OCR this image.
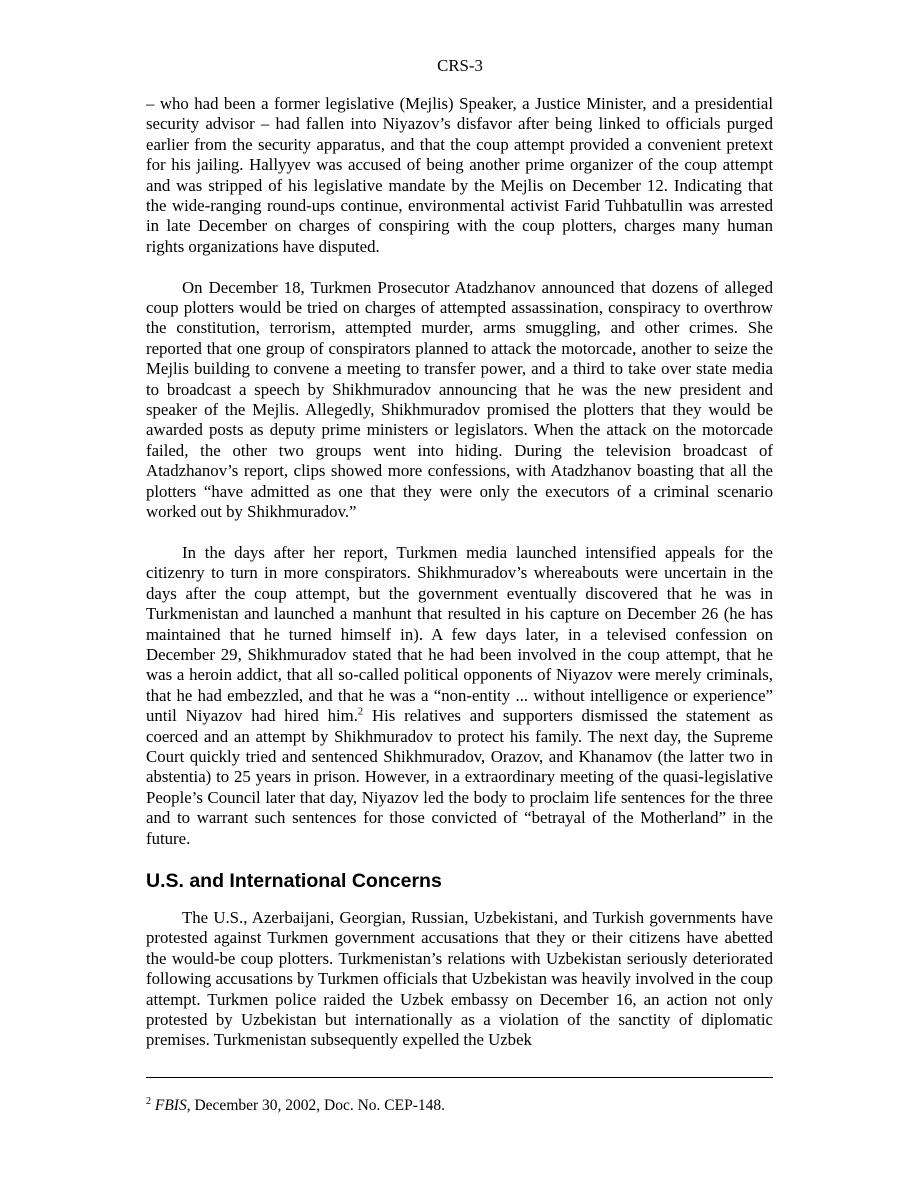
CRS-3

– who had been a former legislative (Mejlis) Speaker, a Justice Minister, and a presidential security advisor – had fallen into Niyazov’s disfavor after being linked to officials purged earlier from the security apparatus, and that the coup attempt provided a convenient pretext for his jailing. Hallyyev was accused of being another prime organizer of the coup attempt and was stripped of his legislative mandate by the Mejlis on December 12. Indicating that the wide-ranging round-ups continue, environmental activist Farid Tuhbatullin was arrested in late December on charges of conspiring with the coup plotters, charges many human rights organizations have disputed.

On December 18, Turkmen Prosecutor Atadzhanov announced that dozens of alleged coup plotters would be tried on charges of attempted assassination, conspiracy to overthrow the constitution, terrorism, attempted murder, arms smuggling, and other crimes. She reported that one group of conspirators planned to attack the motorcade, another to seize the Mejlis building to convene a meeting to transfer power, and a third to take over state media to broadcast a speech by Shikhmuradov announcing that he was the new president and speaker of the Mejlis. Allegedly, Shikhmuradov promised the plotters that they would be awarded posts as deputy prime ministers or legislators. When the attack on the motorcade failed, the other two groups went into hiding. During the television broadcast of Atadzhanov’s report, clips showed more confessions, with Atadzhanov boasting that all the plotters “have admitted as one that they were only the executors of a criminal scenario worked out by Shikhmuradov.”

In the days after her report, Turkmen media launched intensified appeals for the citizenry to turn in more conspirators. Shikhmuradov’s whereabouts were uncertain in the days after the coup attempt, but the government eventually discovered that he was in Turkmenistan and launched a manhunt that resulted in his capture on December 26 (he has maintained that he turned himself in). A few days later, in a televised confession on December 29, Shikhmuradov stated that he had been involved in the coup attempt, that he was a heroin addict, that all so-called political opponents of Niyazov were merely criminals, that he had embezzled, and that he was a “non-entity ... without intelligence or experience” until Niyazov had hired him.$^2$ His relatives and supporters dismissed the statement as coerced and an attempt by Shikhmuradov to protect his family. The next day, the Supreme Court quickly tried and sentenced Shikhmuradov, Orazov, and Khanamov (the latter two in abstentia) to 25 years in prison. However, in a extraordinary meeting of the quasi-legislative People’s Council later that day, Niyazov led the body to proclaim life sentences for the three and to warrant such sentences for those convicted of “betrayal of the Motherland” in the future.

U.S. and International Concerns

The U.S., Azerbaijani, Georgian, Russian, Uzbekistani, and Turkish governments have protested against Turkmen government accusations that they or their citizens have abetted the would-be coup plotters. Turkmenistan’s relations with Uzbekistan seriously deteriorated following accusations by Turkmen officials that Uzbekistan was heavily involved in the coup attempt. Turkmen police raided the Uzbek embassy on December 16, an action not only protested by Uzbekistan but internationally as a violation of the sanctity of diplomatic premises. Turkmenistan subsequently expelled the Uzbek

$^2$ FBIS, December 30, 2002, Doc. No. CEP-148.
